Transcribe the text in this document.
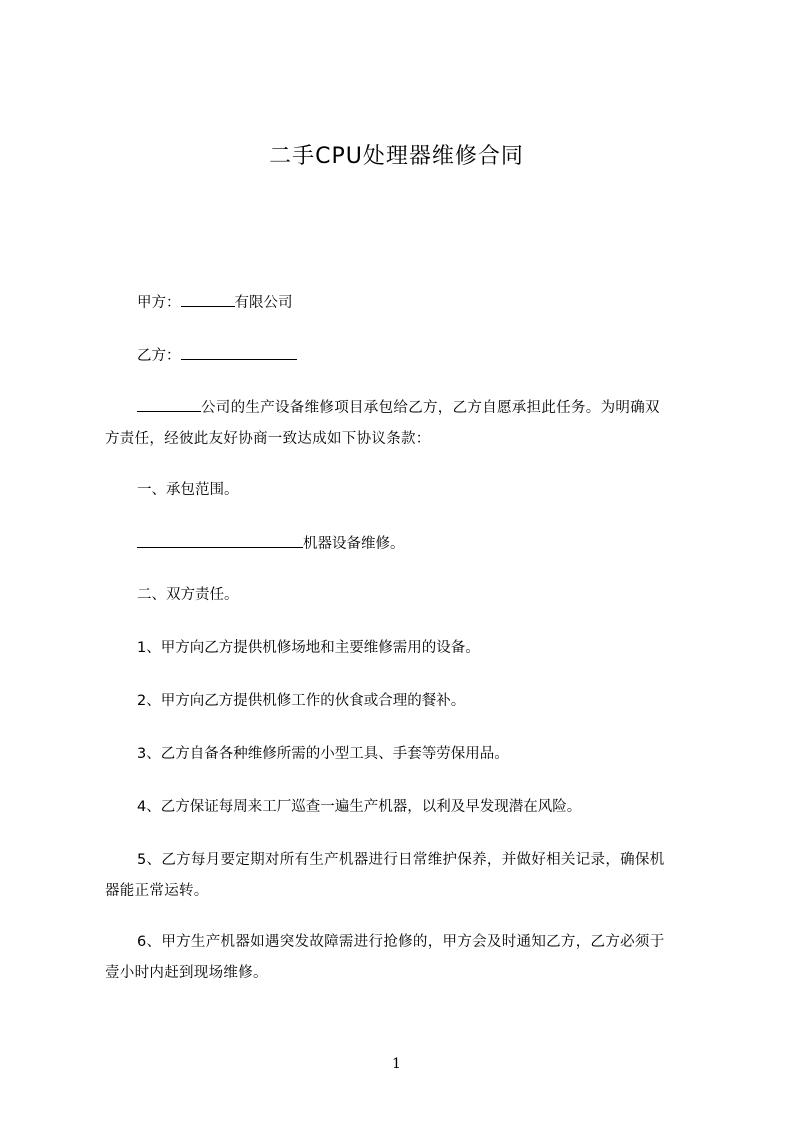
二手CPU处理器维修合同
甲方：	有限公司
乙方：
公司的生产设备维修项目承包给乙方，乙方自愿承担此任务。为明确双
方责任，经彼此友好协商一致达成如下协议条款：
一、承包范围。
机器设备维修。
二、双方责任。
1、甲方向乙方提供机修场地和主要维修需用的设备。
2、甲方向乙方提供机修工作的伙食或合理的餐补。
3、乙方自备各种维修所需的小型工具、手套等劳保用品。
4、乙方保证每周来工厂巡查一遍生产机器，以利及早发现潜在风险。
5、乙方每月要定期对所有生产机器进行日常维护保养，并做好相关记录，确保机
器能正常运转。
6、甲方生产机器如遇突发故障需进行抢修的，甲方会及时通知乙方，乙方必须于
壹小时内赶到现场维修。
1
